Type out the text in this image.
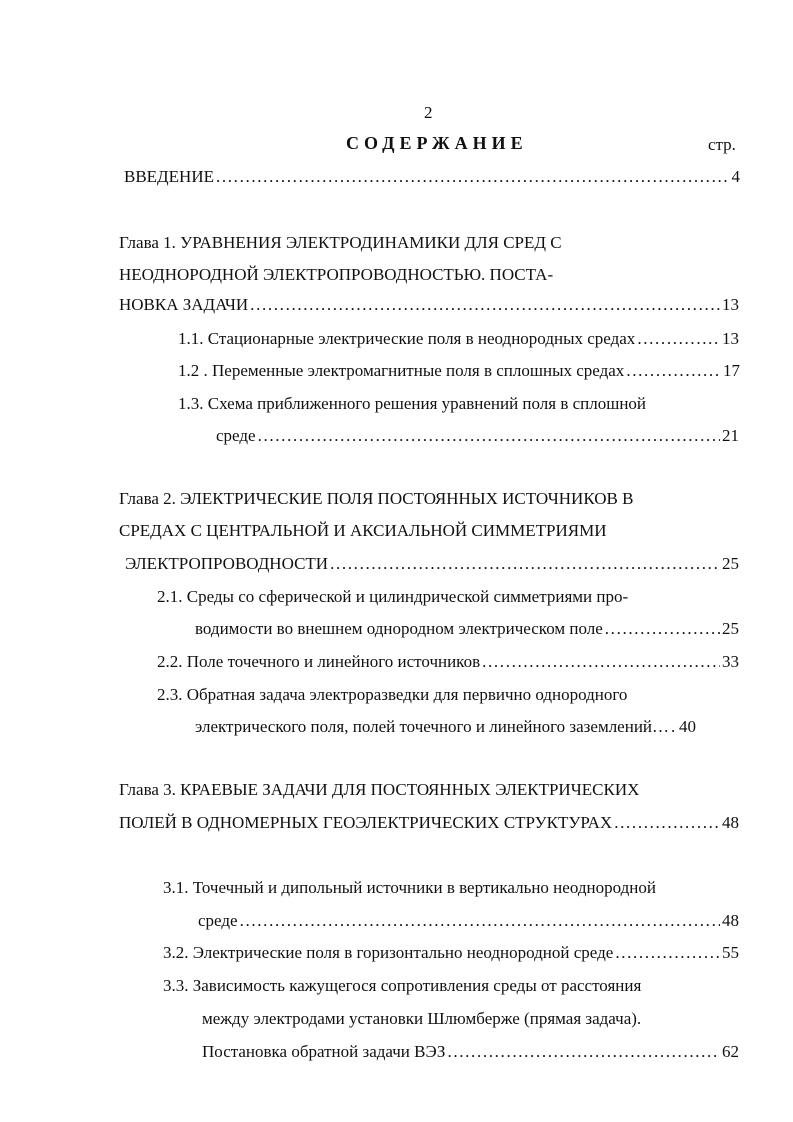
2
СОДЕРЖАНИЕ	стр.
ВВЕДЕНИЕ . . .	4
Глава 1. УРАВНЕНИЯ ЭЛЕКТРОДИНАМИКИ ДЛЯ СРЕД С
НЕОДНОРОДНОЙ ЭЛЕКТРОПРОВОДНОСТЬЮ. ПОСТА-
НОВКА ЗАДАЧИ . . .	13
1.1. Стационарные электрические поля в неоднородных средах . . .	13
1.2 . Переменные электромагнитные поля в сплошных средах . . .	17
1.3. Схема приближенного решения уравнений поля в сплошной
среде . . .	21
Глава 2. ЭЛЕКТРИЧЕСКИЕ ПОЛЯ ПОСТОЯННЫХ ИСТОЧНИКОВ В
СРЕДАХ С ЦЕНТРАЛЬНОЙ И АКСИАЛЬНОЙ СИММЕТРИЯМИ
ЭЛЕКТРОПРОВОДНОСТИ . . .	25
2.1. Среды со сферической и цилиндрической симметриями про-
водимости во внешнем однородном электрическом поле . . .	25
2.2. Поле точечного и линейного источников . . .	33
2.3. Обратная задача электроразведки для первично однородного
электрического поля, полей точечного и линейного заземлений… . . . 40
Глава 3. КРАЕВЫЕ ЗАДАЧИ ДЛЯ ПОСТОЯННЫХ ЭЛЕКТРИЧЕСКИХ
ПОЛЕЙ В ОДНОМЕРНЫХ ГЕОЭЛЕКТРИЧЕСКИХ СТРУКТУРАХ . . .	48
3.1. Точечный и дипольный источники в вертикально неоднородной
среде . . .	48
3.2. Электрические поля в горизонтально неоднородной среде . . .	55
3.3. Зависимость кажущегося сопротивления среды от расстояния
между электродами установки Шлюмберже (прямая задача).
Постановка обратной задачи ВЭЗ . . .	62
